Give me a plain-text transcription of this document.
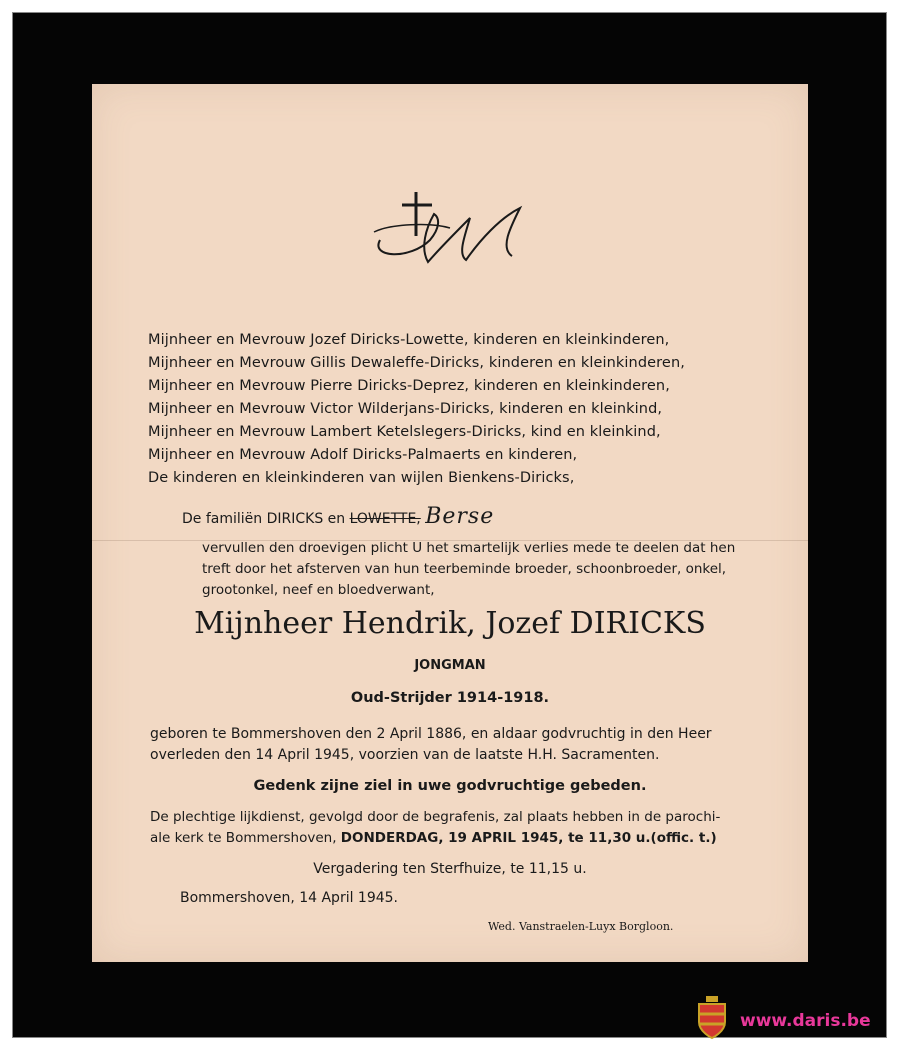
Mijnheer en Mevrouw Jozef Diricks-Lowette, kinderen en kleinkinderen,
Mijnheer en Mevrouw Gillis Dewaleffe-Diricks, kinderen en kleinkinderen,
Mijnheer en Mevrouw Pierre Diricks-Deprez, kinderen en kleinkinderen,
Mijnheer en Mevrouw Victor Wilderjans-Diricks, kinderen en kleinkind,
Mijnheer en Mevrouw Lambert Ketelslegers-Diricks, kind en kleinkind,
Mijnheer en Mevrouw Adolf Diricks-Palmaerts en kinderen,
De kinderen en kleinkinderen van wijlen Bienkens-Diricks,
De familiën DIRICKS en LOWETTE, Berse
vervullen den droevigen plicht U het smartelijk verlies mede te deelen dat hen
treft door het afsterven van hun teerbeminde broeder, schoonbroeder, onkel,
grootonkel, neef en bloedverwant,
Mijnheer Hendrik, Jozef DIRICKS
JONGMAN
Oud-Strijder 1914-1918.
geboren te Bommershoven den 2 April 1886, en aldaar godvruchtig in den Heer
overleden den 14 April 1945, voorzien van de laatste H.H. Sacramenten.
Gedenk zijne ziel in uwe godvruchtige gebeden.
De plechtige lijkdienst, gevolgd door de begrafenis, zal plaats hebben in de parochi-
ale kerk te Bommershoven, DONDERDAG, 19 APRIL 1945, te 11,30 u.(offic. t.)
Vergadering ten Sterfhuize, te 11,15 u.
Bommershoven, 14 April 1945.
Wed. Vanstraelen-Luyx Borgloon.
www.daris.be
